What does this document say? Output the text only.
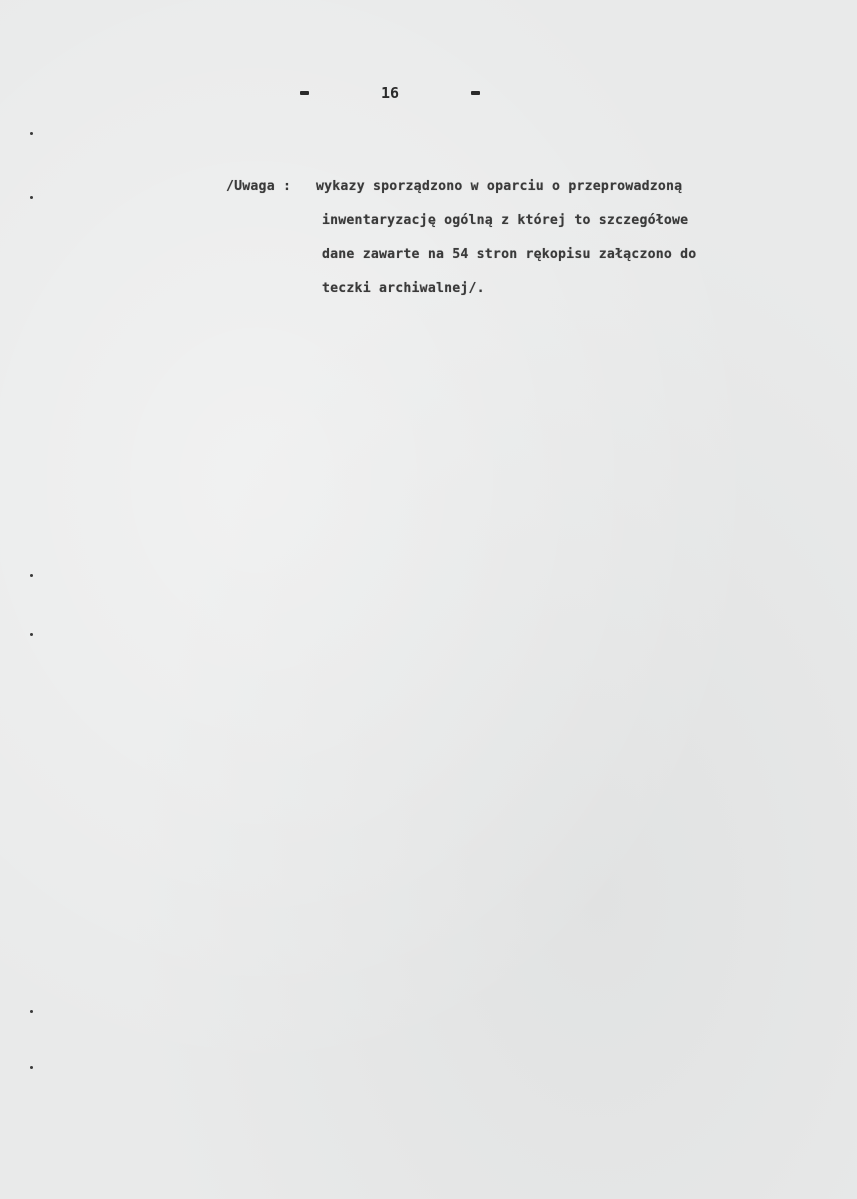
16
/Uwaga : wykazy sporządzono w oparciu o przeprowadzoną
inwentaryzację ogólną z której to szczegółowe
dane zawarte na 54 stron rękopisu załączono do
teczki archiwalnej/.
